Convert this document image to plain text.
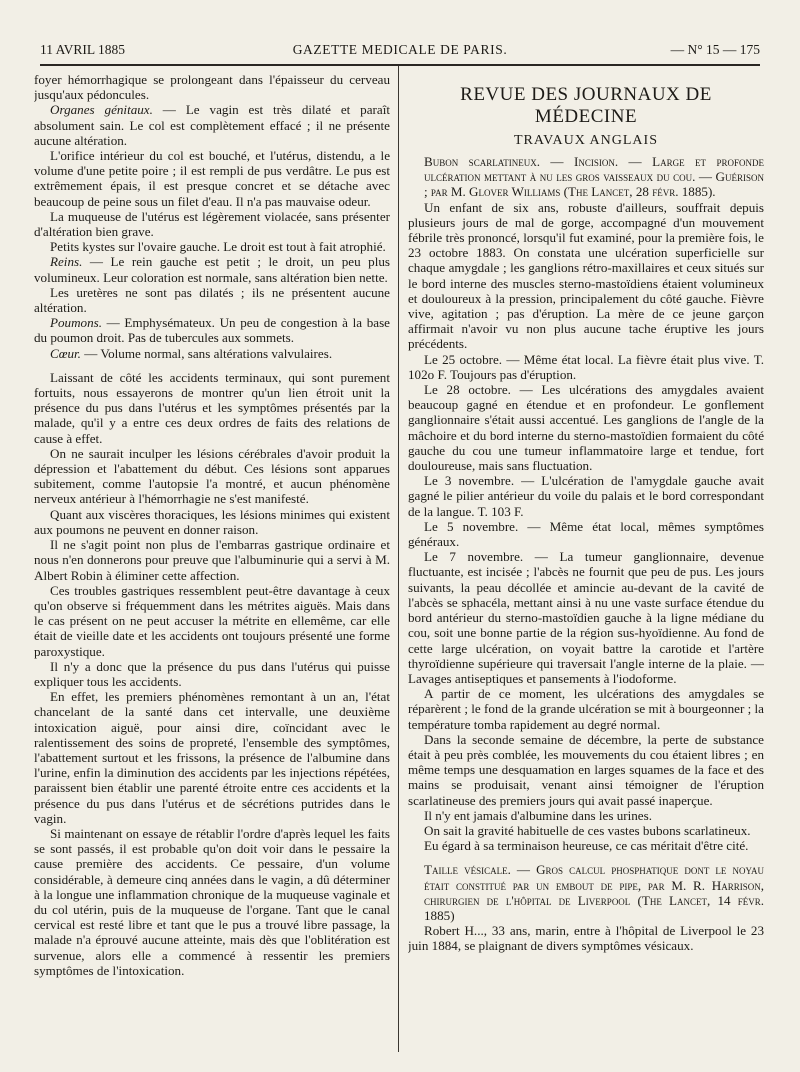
11 AVRIL 1885	GAZETTE MEDICALE DE PARIS.	— N° 15 — 175

foyer hémorrhagique se prolongeant dans l'épaisseur du cerveau jusqu'aux pédoncules.

Organes génitaux. — Le vagin est très dilaté et paraît absolument sain. Le col est complètement effacé ; il ne présente aucune altération.

L'orifice intérieur du col est bouché, et l'utérus, distendu, a le volume d'une petite poire ; il est rempli de pus verdâtre. Le pus est extrêmement épais, il est presque concret et se détache avec beaucoup de peine sous un filet d'eau. Il n'a pas mauvaise odeur.

La muqueuse de l'utérus est légèrement violacée, sans présenter d'altération bien grave.

Petits kystes sur l'ovaire gauche. Le droit est tout à fait atrophié.

Reins. — Le rein gauche est petit ; le droit, un peu plus volumineux. Leur coloration est normale, sans altération bien nette.

Les uretères ne sont pas dilatés ; ils ne présentent aucune altération.

Poumons. — Emphysémateux. Un peu de congestion à la base du poumon droit. Pas de tubercules aux sommets.

Cœur. — Volume normal, sans altérations valvulaires.

Laissant de côté les accidents terminaux, qui sont purement fortuits, nous essayerons de montrer qu'un lien étroit unit la présence du pus dans l'utérus et les symptômes présentés par la malade, qu'il y a entre ces deux ordres de faits des relations de cause à effet.

On ne saurait inculper les lésions cérébrales d'avoir produit la dépression et l'abattement du début. Ces lésions sont apparues subitement, comme l'autopsie l'a montré, et aucun phénomène nerveux antérieur à l'hémorrhagie ne s'est manifesté.

Quant aux viscères thoraciques, les lésions minimes qui existent aux poumons ne peuvent en donner raison.

Il ne s'agit point non plus de l'embarras gastrique ordinaire et nous n'en donnerons pour preuve que l'albuminurie qui a servi à M. Albert Robin à éliminer cette affection.

Ces troubles gastriques ressemblent peut-être davantage à ceux qu'on observe si fréquemment dans les métrites aiguës. Mais dans le cas présent on ne peut accuser la métrite en ellemême, car elle était de vieille date et les accidents ont toujours présenté une forme paroxystique.

Il n'y a donc que la présence du pus dans l'utérus qui puisse expliquer tous les accidents.

En effet, les premiers phénomènes remontant à un an, l'état chancelant de la santé dans cet intervalle, une deuxième intoxication aiguë, pour ainsi dire, coïncidant avec le ralentissement des soins de propreté, l'ensemble des symptômes, l'abattement surtout et les frissons, la présence de l'albumine dans l'urine, enfin la diminution des accidents par les injections répétées, paraissent bien établir une parenté étroite entre ces accidents et la présence du pus dans l'utérus et de sécrétions putrides dans le vagin.

Si maintenant on essaye de rétablir l'ordre d'après lequel les faits se sont passés, il est probable qu'on doit voir dans le pessaire la cause première des accidents. Ce pessaire, d'un volume considérable, à demeure cinq années dans le vagin, a dû déterminer à la longue une inflammation chronique de la muqueuse vaginale et du col utérin, puis de la muqueuse de l'organe. Tant que le canal cervical est resté libre et tant que le pus a trouvé libre passage, la malade n'a éprouvé aucune atteinte, mais dès que l'oblitération est survenue, alors elle a commencé à ressentir les premiers symptômes de l'intoxication.

REVUE DES JOURNAUX DE MÉDECINE
TRAVAUX ANGLAIS

Bubon scarlatineux. — Incision. — Large et profonde ulcération mettant à nu les gros vaisseaux du cou. — Guérison ; par M. Glover Williams (The Lancet, 28 févr. 1885).

Un enfant de six ans, robuste d'ailleurs, souffrait depuis plusieurs jours de mal de gorge, accompagné d'un mouvement fébrile très prononcé, lorsqu'il fut examiné, pour la première fois, le 23 octobre 1883. On constata une ulcération superficielle sur chaque amygdale ; les ganglions rétro-maxillaires et ceux situés sur le bord interne des muscles sterno-mastoïdiens étaient volumineux et douloureux à la pression, principalement du côté gauche. Fièvre vive, agitation ; pas d'éruption. La mère de ce jeune garçon affirmait n'avoir vu non plus aucune tache éruptive les jours précédents.

Le 25 octobre. — Même état local. La fièvre était plus vive. T. 102o F. Toujours pas d'éruption.

Le 28 octobre. — Les ulcérations des amygdales avaient beaucoup gagné en étendue et en profondeur. Le gonflement ganglionnaire s'était aussi accentué. Les ganglions de l'angle de la mâchoire et du bord interne du sterno-mastoïdien formaient du côté gauche du cou une tumeur inflammatoire large et tendue, fort douloureuse, mais sans fluctuation.

Le 3 novembre. — L'ulcération de l'amygdale gauche avait gagné le pilier antérieur du voile du palais et le bord correspondant de la langue. T. 103 F.

Le 5 novembre. — Même état local, mêmes symptômes généraux.

Le 7 novembre. — La tumeur ganglionnaire, devenue fluctuante, est incisée ; l'abcès ne fournit que peu de pus. Les jours suivants, la peau décollée et amincie au-devant de la cavité de l'abcès se sphacéla, mettant ainsi à nu une vaste surface étendue du bord antérieur du sterno-mastoïdien gauche à la ligne médiane du cou, soit une bonne partie de la région sus-hyoïdienne. Au fond de cette large ulcération, on voyait battre la carotide et l'artère thyroïdienne supérieure qui traversait l'angle interne de la plaie. — Lavages antiseptiques et pansements à l'iodoforme.

A partir de ce moment, les ulcérations des amygdales se réparèrent ; le fond de la grande ulcération se mit à bourgeonner ; la température tomba rapidement au degré normal.

Dans la seconde semaine de décembre, la perte de substance était à peu près comblée, les mouvements du cou étaient libres ; en même temps une desquamation en larges squames de la face et des mains se produisait, venant ainsi témoigner de l'éruption scarlatineuse des premiers jours qui avait passé inaperçue.

Il n'y ent jamais d'albumine dans les urines.

On sait la gravité habituelle de ces vastes bubons scarlatineux.

Eu égard à sa terminaison heureuse, ce cas méritait d'être cité.

Taille vésicale. — Gros calcul phosphatique dont le noyau était constitué par un embout de pipe, par M. R. Harrison, chirurgien de l'hôpital de Liverpool (The Lancet, 14 févr. 1885)

Robert H..., 33 ans, marin, entre à l'hôpital de Liverpool le 23 juin 1884, se plaignant de divers symptômes vésicaux.
